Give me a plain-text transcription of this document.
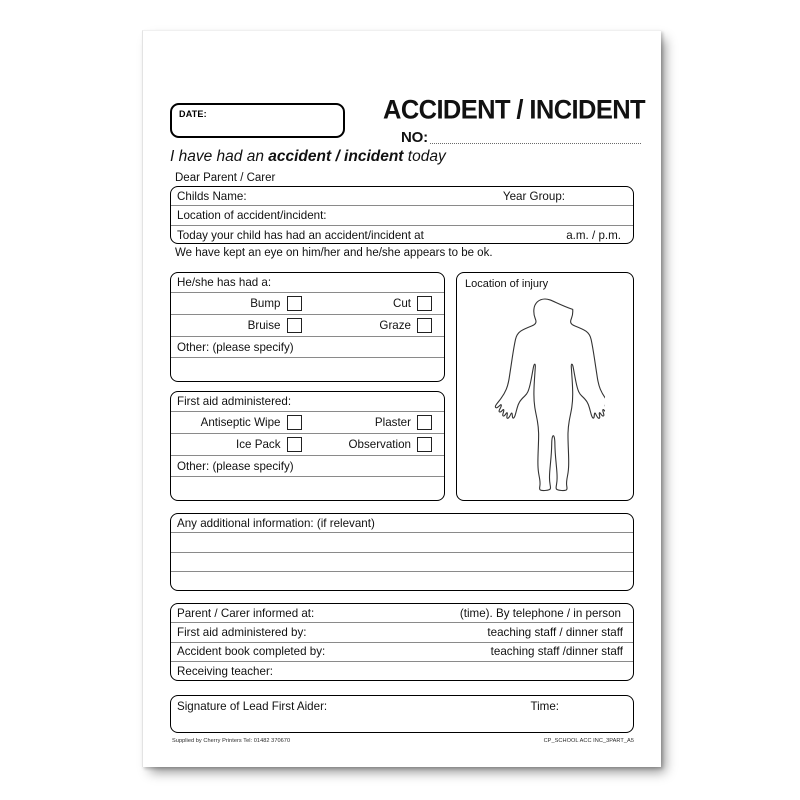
DATE:	ACCIDENT / INCIDENT
NO:
I have had an accident / incident today
Dear Parent / Carer
Childs Name:	Year Group:
Location of accident/incident:
Today your child has had an accident/incident at	a.m. / p.m.
We have kept an eye on him/her and he/she appears to be ok.
He/she has had a:
Bump	Cut
Bruise	Graze
Other: (please specify)
First aid administered:
Antiseptic Wipe	Plaster
Ice Pack	Observation
Other: (please specify)
Location of injury
Any additional information: (if relevant)
Parent / Carer informed at:	(time). By telephone / in person
First aid administered by:	teaching staff / dinner staff
Accident book completed by:	teaching staff /dinner staff
Receiving teacher:
Signature of Lead First Aider:	Time:
Supplied by Cherry Printers Tel: 01482 370670	CP_SCHOOL ACC INC_3PART_A5
